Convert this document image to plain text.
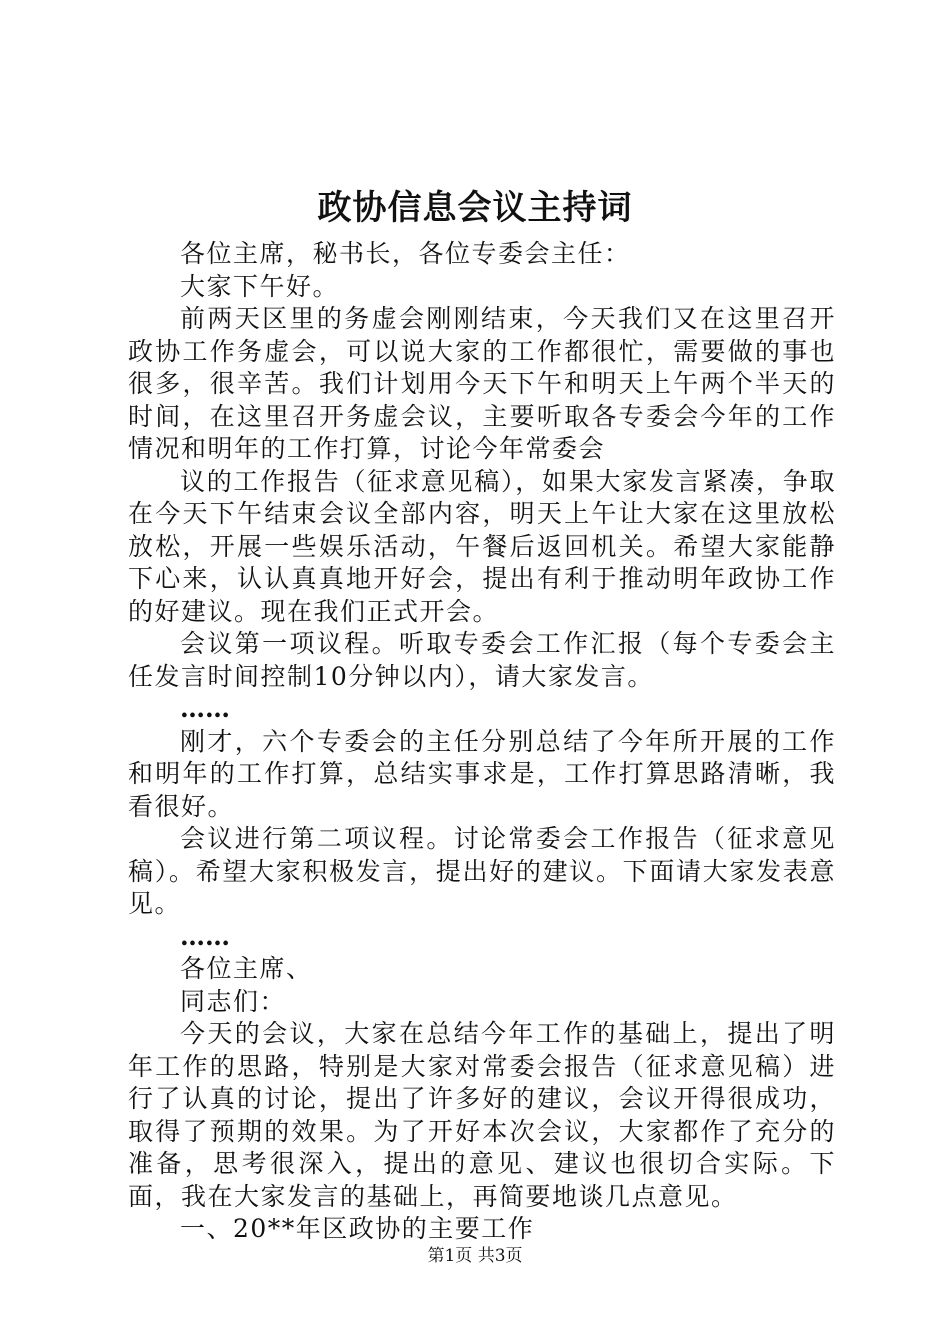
政协信息会议主持词

各位主席，秘书长，各位专委会主任：

大家下午好。

前两天区里的务虚会刚刚结束，今天我们又在这里召开政协工作务虚会，可以说大家的工作都很忙，需要做的事也很多，很辛苦。我们计划用今天下午和明天上午两个半天的时间，在这里召开务虚会议，主要听取各专委会今年的工作情况和明年的工作打算，讨论今年常委会

议的工作报告（征求意见稿），如果大家发言紧凑，争取在今天下午结束会议全部内容，明天上午让大家在这里放松放松，开展一些娱乐活动，午餐后返回机关。希望大家能静下心来，认认真真地开好会，提出有利于推动明年政协工作的好建议。现在我们正式开会。

会议第一项议程。听取专委会工作汇报（每个专委会主任发言时间控制10分钟以内），请大家发言。

……

刚才，六个专委会的主任分别总结了今年所开展的工作和明年的工作打算，总结实事求是，工作打算思路清晰，我看很好。

会议进行第二项议程。讨论常委会工作报告（征求意见稿）。希望大家积极发言，提出好的建议。下面请大家发表意见。

……

各位主席、

同志们：

今天的会议，大家在总结今年工作的基础上，提出了明年工作的思路，特别是大家对常委会报告（征求意见稿）进行了认真的讨论，提出了许多好的建议，会议开得很成功，取得了预期的效果。为了开好本次会议，大家都作了充分的准备，思考很深入，提出的意见、建议也很切合实际。下面，我在大家发言的基础上，再简要地谈几点意见。

一、20**年区政协的主要工作

第1页 共3页
